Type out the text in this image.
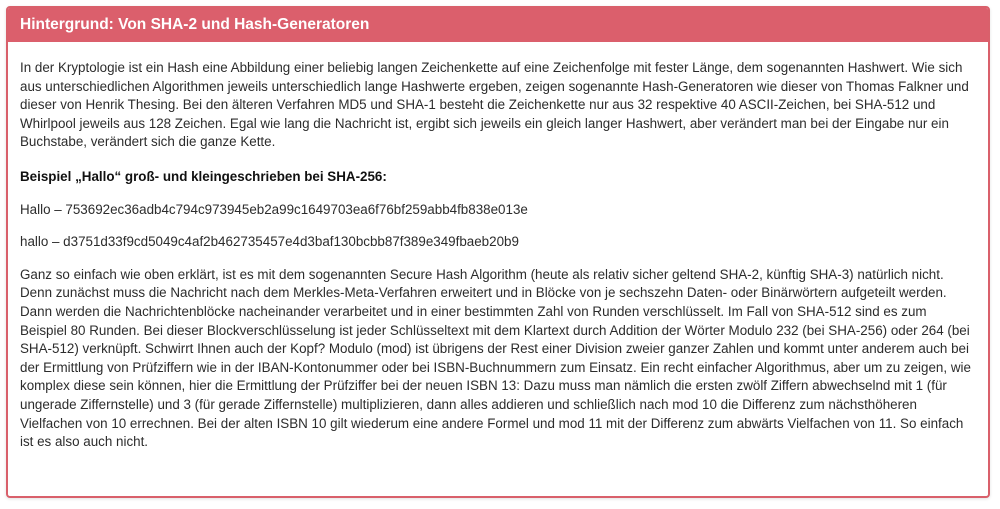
Hintergrund: Von SHA-2 und Hash-Generatoren

In der Kryptologie ist ein Hash eine Abbildung einer beliebig langen Zeichenkette auf eine Zeichenfolge mit fester Länge, dem sogenannten Hashwert. Wie sich aus unterschiedlichen Algorithmen jeweils unterschiedlich lange Hashwerte ergeben, zeigen sogenannte Hash-Generatoren wie dieser von Thomas Falkner und dieser von Henrik Thesing. Bei den älteren Verfahren MD5 und SHA-1 besteht die Zeichenkette nur aus 32 respektive 40 ASCII-Zeichen, bei SHA-512 und Whirlpool jeweils aus 128 Zeichen. Egal wie lang die Nachricht ist, ergibt sich jeweils ein gleich langer Hashwert, aber verändert man bei der Eingabe nur ein Buchstabe, verändert sich die ganze Kette.

Beispiel „Hallo“ groß- und kleingeschrieben bei SHA-256:

Hallo – 753692ec36adb4c794c973945eb2a99c1649703ea6f76bf259abb4fb838e013e

hallo – d3751d33f9cd5049c4af2b462735457e4d3baf130bcbb87f389e349fbaeb20b9

Ganz so einfach wie oben erklärt, ist es mit dem sogenannten Secure Hash Algorithm (heute als relativ sicher geltend SHA-2, künftig SHA-3) natürlich nicht. Denn zunächst muss die Nachricht nach dem Merkles-Meta-Verfahren erweitert und in Blöcke von je sechszehn Daten- oder Binärwörtern aufgeteilt werden. Dann werden die Nachrichtenblöcke nacheinander verarbeitet und in einer bestimmten Zahl von Runden verschlüsselt. Im Fall von SHA-512 sind es zum Beispiel 80 Runden. Bei dieser Blockverschlüsselung ist jeder Schlüsseltext mit dem Klartext durch Addition der Wörter Modulo 232 (bei SHA-256) oder 264 (bei SHA-512) verknüpft. Schwirrt Ihnen auch der Kopf? Modulo (mod) ist übrigens der Rest einer Division zweier ganzer Zahlen und kommt unter anderem auch bei der Ermittlung von Prüfziffern wie in der IBAN-Kontonummer oder bei ISBN-Buchnummern zum Einsatz. Ein recht einfacher Algorithmus, aber um zu zeigen, wie komplex diese sein können, hier die Ermittlung der Prüfziffer bei der neuen ISBN 13: Dazu muss man nämlich die ersten zwölf Ziffern abwechselnd mit 1 (für ungerade Ziffernstelle) und 3 (für gerade Ziffernstelle) multiplizieren, dann alles addieren und schließlich nach mod 10 die Differenz zum nächsthöheren Vielfachen von 10 errechnen. Bei der alten ISBN 10 gilt wiederum eine andere Formel und mod 11 mit der Differenz zum abwärts Vielfachen von 11. So einfach ist es also auch nicht.
